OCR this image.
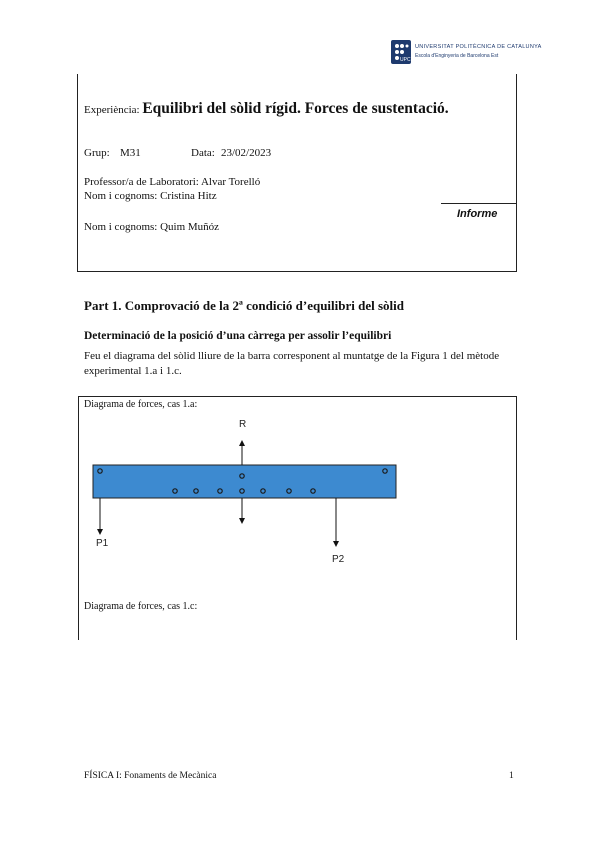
UPC
UNIVERSITAT POLITÈCNICA DE CATALUNYA
Escola d'Enginyeria de Barcelona Est
Experiència: Equilibri del sòlid rígid. Forces de sustentació.
Grup: M31	Data: 23/02/2023
Professor/a de Laboratori: Alvar Torelló
Nom i cognoms: Cristina Hitz
Informe
Nom i cognoms: Quim Muñóz
Part 1. Comprovació de la 2ª condició d’equilibri del sòlid
Determinació de la posició d’una càrrega per assolir l’equilibri
Feu el diagrama del sòlid lliure de la barra corresponent al muntatge de la Figura 1 del mètode experimental 1.a i 1.c.
Diagrama de forces, cas 1.a:
Diagrama de forces, cas 1.c:
R
P1
P2
FÍSICA I: Fonaments de Mecànica	1
